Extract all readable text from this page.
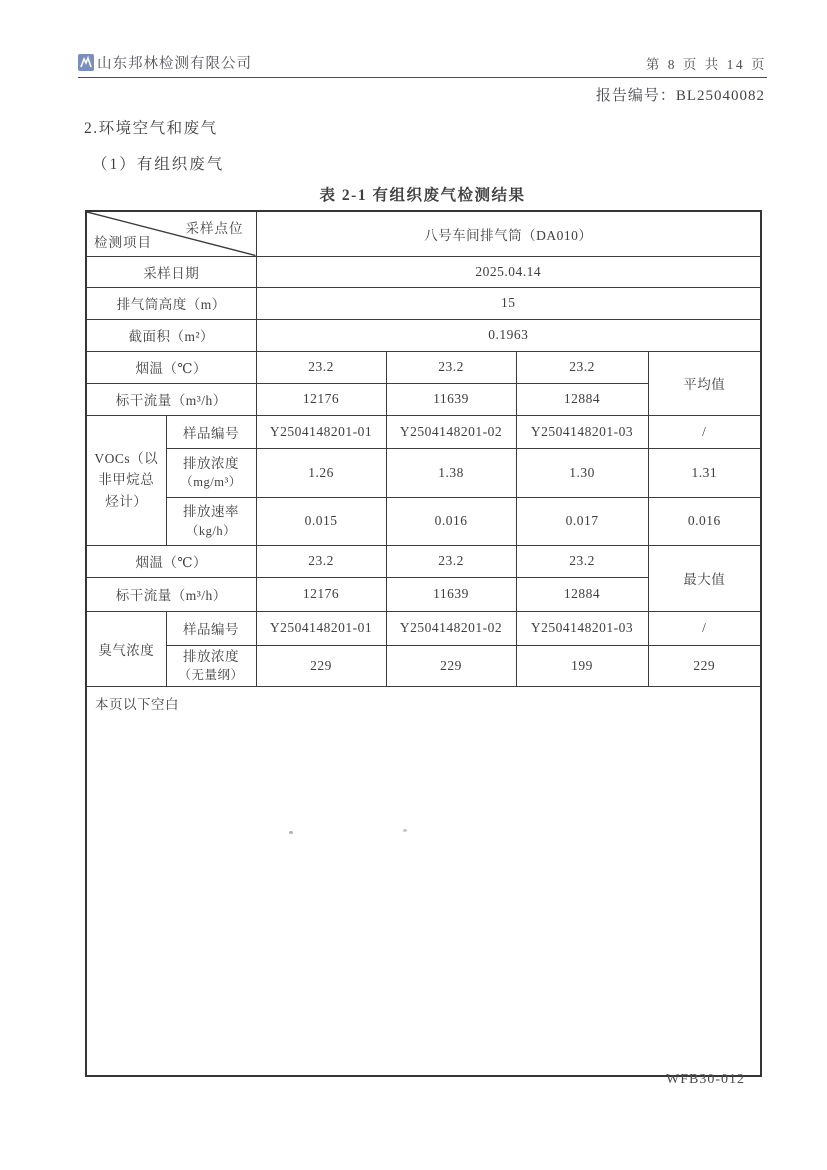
山东邦林检测有限公司	第 8 页 共 14 页
报告编号：BL25040082
2.环境空气和废气
（1）有组织废气
表 2-1 有组织废气检测结果
采样点位
检测项目		八号车间排气筒（DA010）			
采样日期		2025.04.14			
排气筒高度（m）		15			
截面积（m²）		0.1963			
烟温（℃）		23.2	23.2	23.2	平均值
标干流量（m³/h）		12176	11639	12884	

VOCs（以
非甲烷总
烃计）	样品编号	Y2504148201-01	Y2504148201-02	Y2504148201-03	/

	排放浓度
（mg/m³）	1.26	1.38	1.30	1.31

	排放速率
（kg/h）	0.015	0.016	0.017	0.016
烟温（℃）		23.2	23.2	23.2	最大值
标干流量（m³/h）		12176	11639	12884	
臭气浓度	样品编号	Y2504148201-01	Y2504148201-02	Y2504148201-03	/

	排放浓度
（无量纲）	229	229	199	229
本页以下空白					
WFB30-012
